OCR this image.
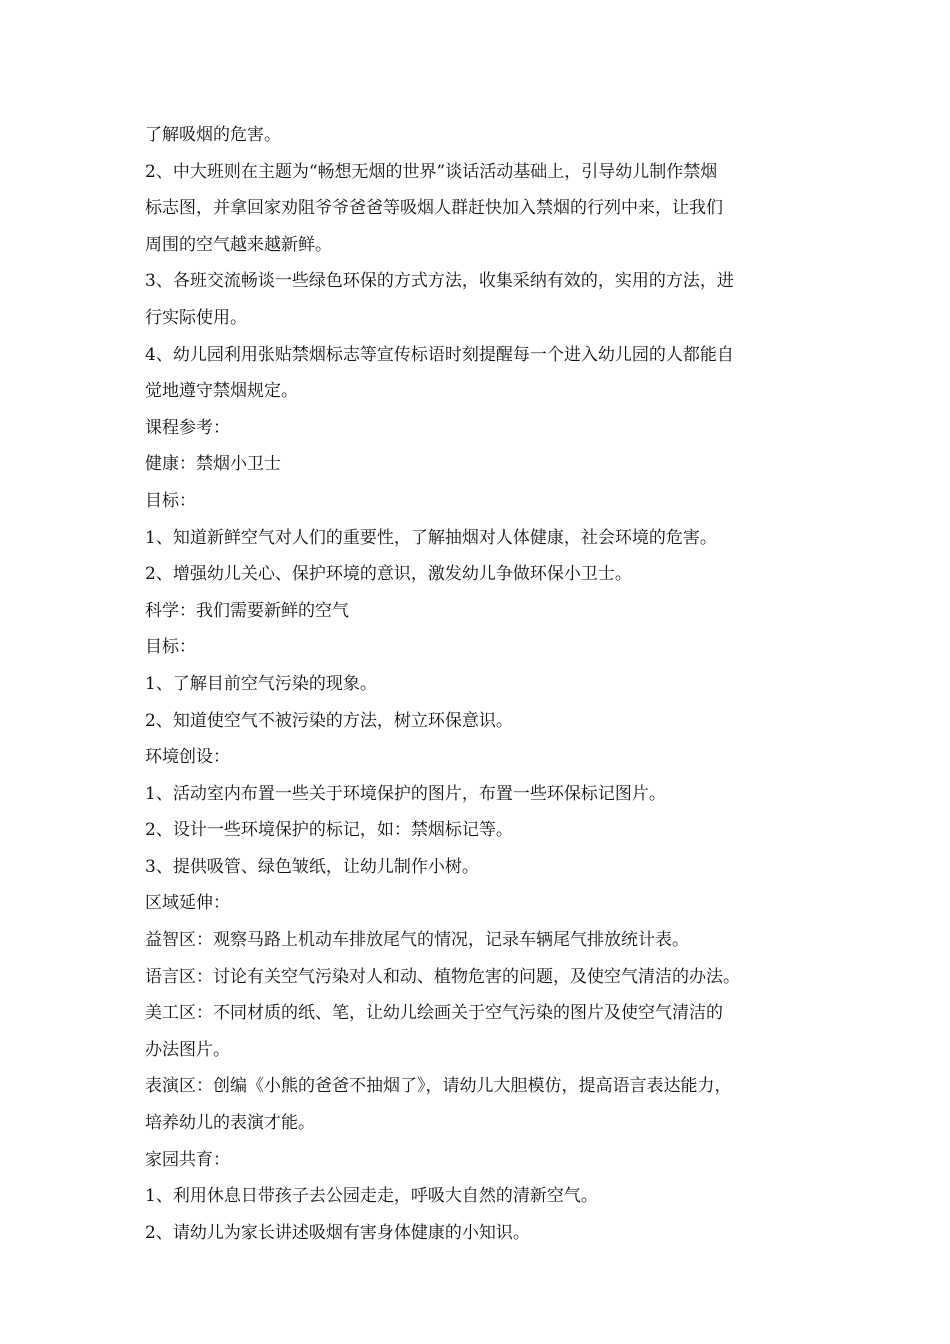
了解吸烟的危害。
2、中大班则在主题为“畅想无烟的世界”谈话活动基础上，引导幼儿制作禁烟
标志图，并拿回家劝阻爷爷爸爸等吸烟人群赶快加入禁烟的行列中来，让我们
周围的空气越来越新鲜。
3、各班交流畅谈一些绿色环保的方式方法，收集采纳有效的，实用的方法，进
行实际使用。
4、幼儿园利用张贴禁烟标志等宣传标语时刻提醒每一个进入幼儿园的人都能自
觉地遵守禁烟规定。
课程参考：
健康：禁烟小卫士
目标：
1、知道新鲜空气对人们的重要性，了解抽烟对人体健康，社会环境的危害。
2、增强幼儿关心、保护环境的意识，激发幼儿争做环保小卫士。
科学：我们需要新鲜的空气
目标：
1、了解目前空气污染的现象。
2、知道使空气不被污染的方法，树立环保意识。
环境创设：
1、活动室内布置一些关于环境保护的图片，布置一些环保标记图片。
2、设计一些环境保护的标记，如：禁烟标记等。
3、提供吸管、绿色皱纸，让幼儿制作小树。
区域延伸：
益智区：观察马路上机动车排放尾气的情况，记录车辆尾气排放统计表。
语言区：讨论有关空气污染对人和动、植物危害的问题，及使空气清洁的办法。
美工区：不同材质的纸、笔，让幼儿绘画关于空气污染的图片及使空气清洁的
办法图片。
表演区：创编《小熊的爸爸不抽烟了》，请幼儿大胆模仿，提高语言表达能力，
培养幼儿的表演才能。
家园共育：
1、利用休息日带孩子去公园走走，呼吸大自然的清新空气。
2、请幼儿为家长讲述吸烟有害身体健康的小知识。
